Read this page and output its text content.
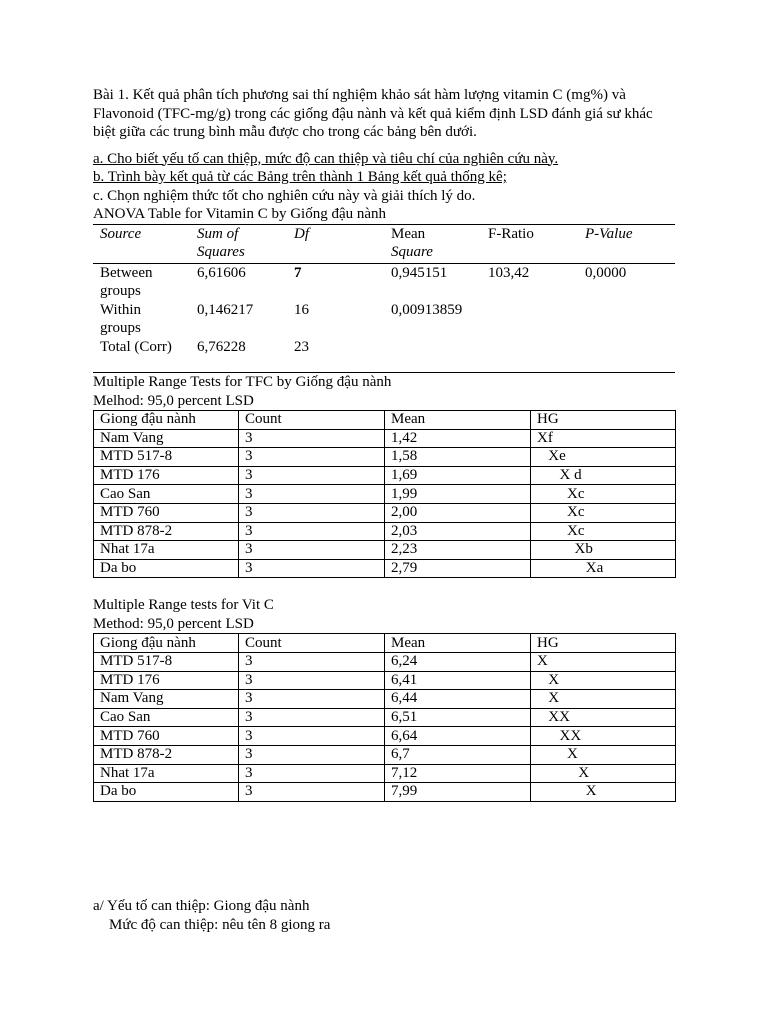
Bài 1. Kết quả phân tích phương sai thí nghiệm khảo sát hàm lượng vitamin C (mg%) và Flavonoid (TFC-mg/g) trong các giống đậu nành và kết quả kiểm định LSD đánh giá sư khác biệt giữa các trung bình mẫu được cho trong các bảng bên dưới.

a. Cho biết yếu tố can thiệp, mức độ can thiệp và tiêu chí của nghiên cứu này.

b. Trình bày kết quả từ các Bảng trên thành 1 Bảng kết quả thống kê;

c. Chọn nghiệm thức tốt cho nghiên cứu này và giải thích lý do.

ANOVA Table for Vitamin C by Giống đậu nành

Source	Sum of	Df	Mean	F-Ratio	P-Value
	Squares		Square		
Between	6,61606	7	0,945151	103,42	0,0000
groups					
Within	0,146217	16	0,00913859		
groups					
Total (Corr)	6,76228	23			

Multiple Range Tests for TFC by Giống đậu nành

Melhod: 95,0 percent LSD

Giong đậu nành	Count	Mean	HG
Nam Vang	3	1,42	Xf
MTD 517-8	3	1,58	Xe
MTD 176	3	1,69	X d
Cao San	3	1,99	Xc
MTD 760	3	2,00	Xc
MTD 878-2	3	2,03	Xc
Nhat 17a	3	2,23	Xb
Da bo	3	2,79	Xa

Multiple Range tests for Vit C

Method: 95,0 percent LSD

Giong đậu nành	Count	Mean	HG
MTD 517-8	3	6,24	X
MTD 176	3	6,41	X
Nam Vang	3	6,44	X
Cao San	3	6,51	XX
MTD 760	3	6,64	XX
MTD 878-2	3	6,7	X
Nhat 17a	3	7,12	X
Da bo	3	7,99	X

a/ Yếu tố can thiệp: Giong đậu nành

Mức độ can thiệp: nêu tên 8 giong ra
